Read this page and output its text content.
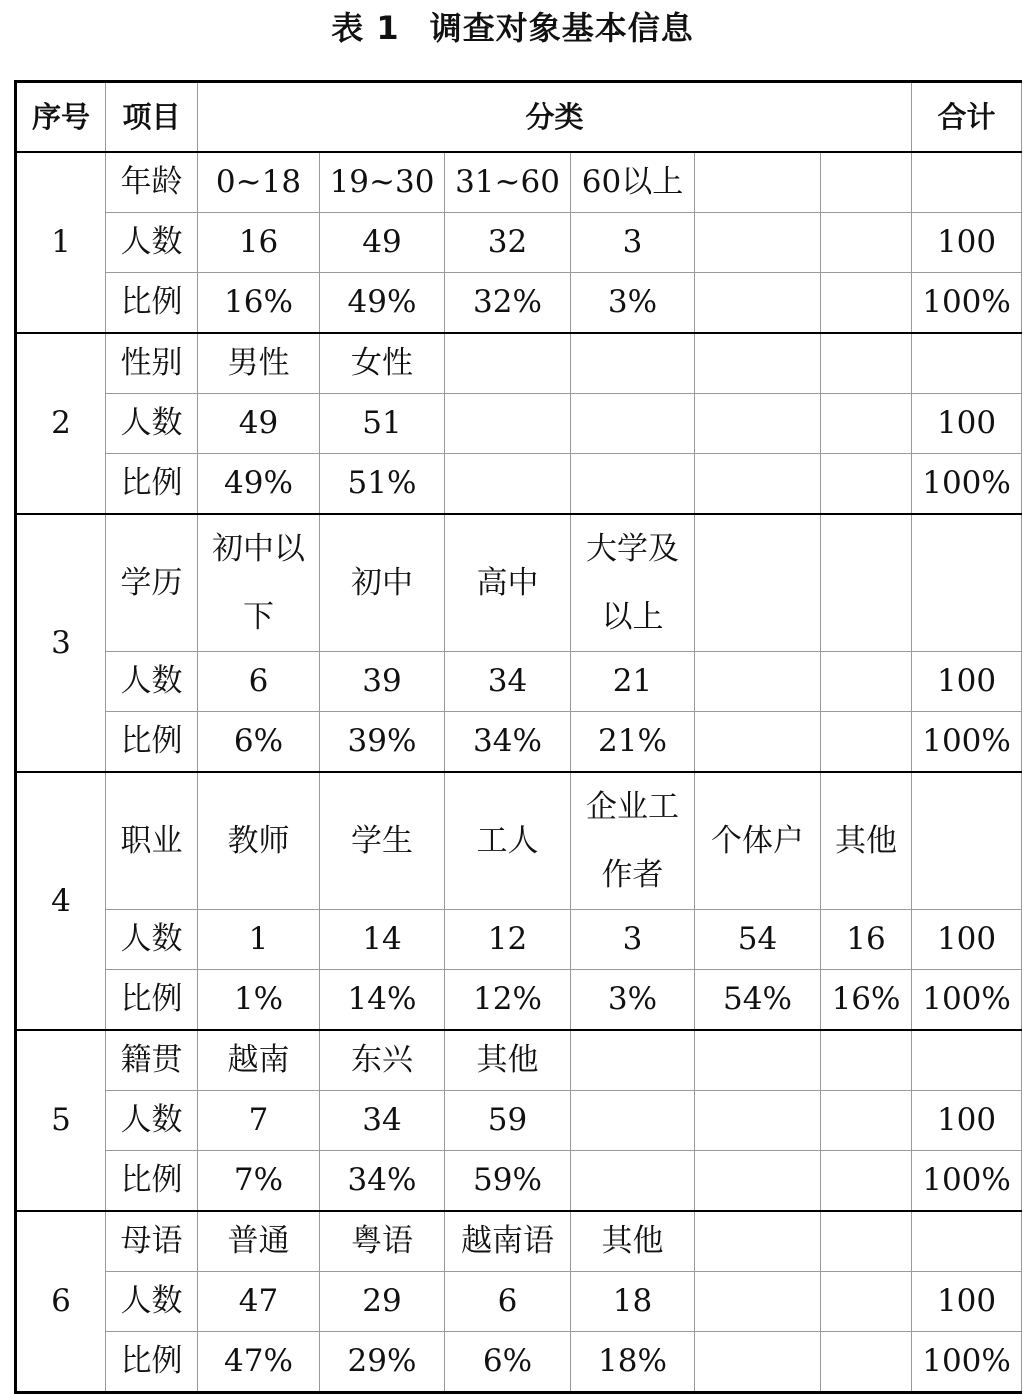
表 1 调查对象基本信息
序号	项目	分类						合计
1	年龄	0~18	19~30	31~60	60以上			
	人数	16	49	32	3			100
	比例	16%	49%	32%	3%			100%
2	性别	男性	女性					
	人数	49	51					100
	比例	49%	51%					100%
3	学历	初中以下	初中	高中	大学及以上			
	人数	6	39	34	21			100
	比例	6%	39%	34%	21%			100%
4	职业	教师	学生	工人	企业工作者	个体户	其他	
	人数	1	14	12	3	54	16	100
	比例	1%	14%	12%	3%	54%	16%	100%
5	籍贯	越南	东兴	其他				
	人数	7	34	59				100
	比例	7%	34%	59%				100%
6	母语	普通	粤语	越南语	其他			
	人数	47	29	6	18			100
	比例	47%	29%	6%	18%			100%
